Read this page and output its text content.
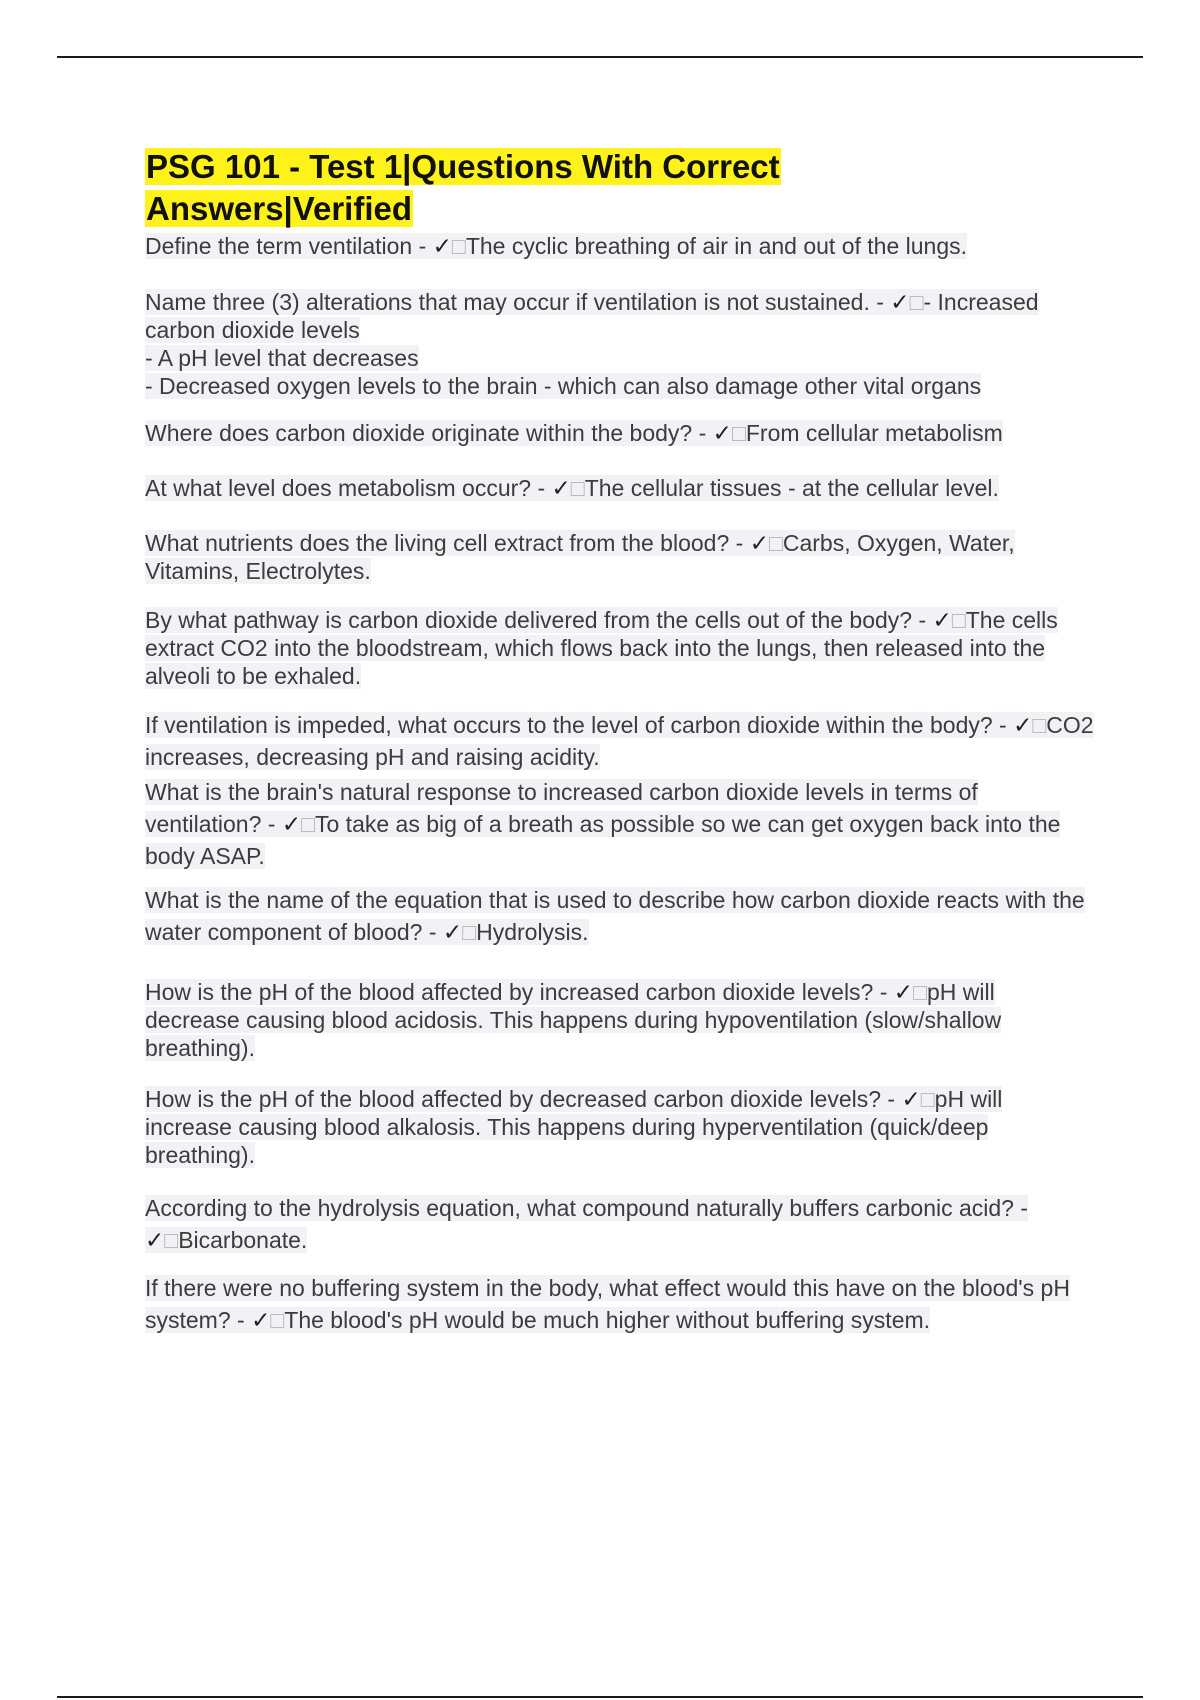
PSG 101 - Test 1|Questions With Correct Answers|Verified

Define the term ventilation - ✓□The cyclic breathing of air in and out of the lungs.

Name three (3) alterations that may occur if ventilation is not sustained. - ✓□- Increased carbon dioxide levels
- A pH level that decreases
- Decreased oxygen levels to the brain - which can also damage other vital organs

Where does carbon dioxide originate within the body? - ✓□From cellular metabolism

At what level does metabolism occur? - ✓□The cellular tissues - at the cellular level.

What nutrients does the living cell extract from the blood? - ✓□Carbs, Oxygen, Water, Vitamins, Electrolytes.

By what pathway is carbon dioxide delivered from the cells out of the body? - ✓□The cells extract CO2 into the bloodstream, which flows back into the lungs, then released into the alveoli to be exhaled.

If ventilation is impeded, what occurs to the level of carbon dioxide within the body? - ✓□CO2 increases, decreasing pH and raising acidity.

What is the brain's natural response to increased carbon dioxide levels in terms of ventilation? - ✓□To take as big of a breath as possible so we can get oxygen back into the body ASAP.

What is the name of the equation that is used to describe how carbon dioxide reacts with the water component of blood? - ✓□Hydrolysis.

How is the pH of the blood affected by increased carbon dioxide levels? - ✓□pH will decrease causing blood acidosis. This happens during hypoventilation (slow/shallow breathing).

How is the pH of the blood affected by decreased carbon dioxide levels? - ✓□pH will increase causing blood alkalosis. This happens during hyperventilation (quick/deep breathing).

According to the hydrolysis equation, what compound naturally buffers carbonic acid? - ✓□Bicarbonate.

If there were no buffering system in the body, what effect would this have on the blood's pH system? - ✓□The blood's pH would be much higher without buffering system.
